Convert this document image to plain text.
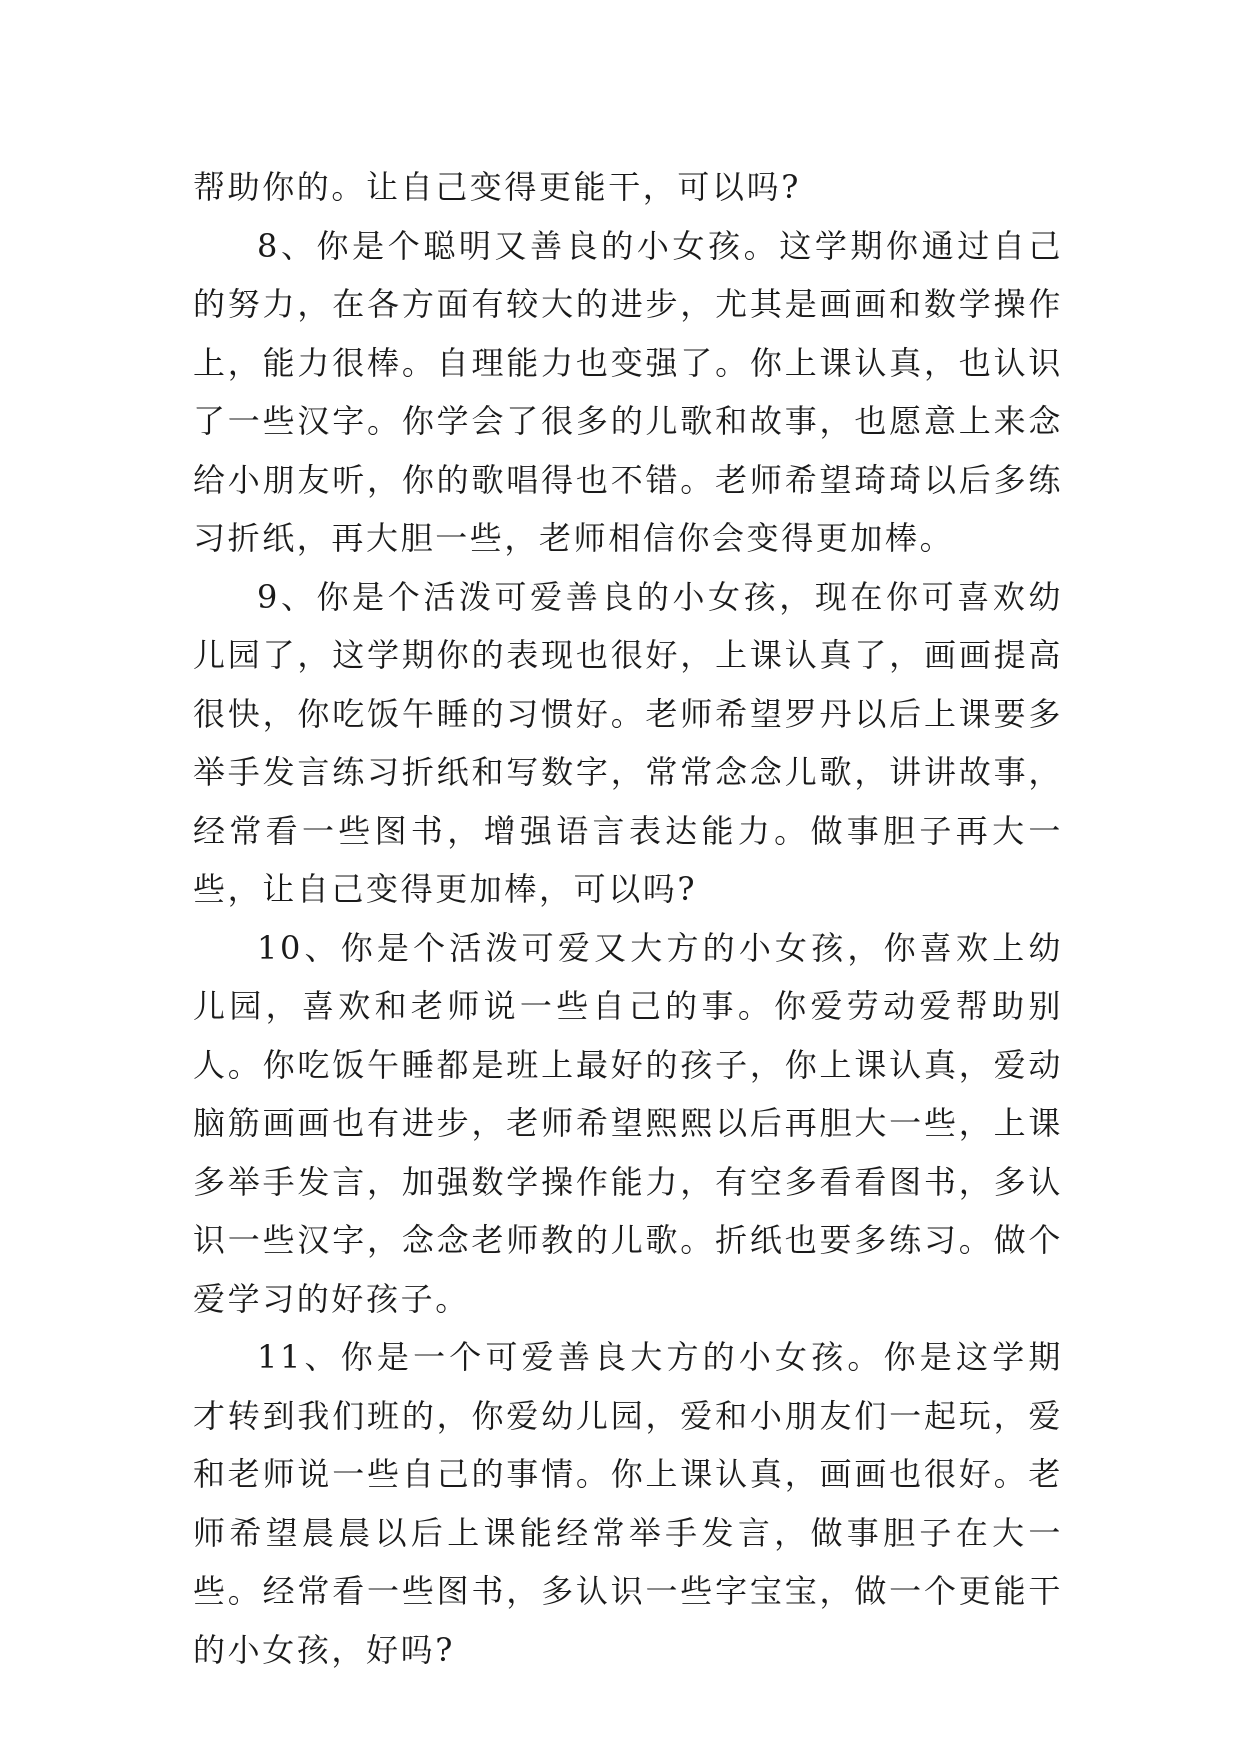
帮助你的。让自己变得更能干，可以吗?

8、你是个聪明又善良的小女孩。这学期你通过自己的努力，在各方面有较大的进步，尤其是画画和数学操作上，能力很棒。自理能力也变强了。你上课认真，也认识了一些汉字。你学会了很多的儿歌和故事，也愿意上来念给小朋友听，你的歌唱得也不错。老师希望琦琦以后多练习折纸，再大胆一些，老师相信你会变得更加棒。

9、你是个活泼可爱善良的小女孩，现在你可喜欢幼儿园了，这学期你的表现也很好，上课认真了，画画提高很快，你吃饭午睡的习惯好。老师希望罗丹以后上课要多举手发言练习折纸和写数字，常常念念儿歌，讲讲故事，经常看一些图书，增强语言表达能力。做事胆子再大一些，让自己变得更加棒，可以吗?

10、你是个活泼可爱又大方的小女孩，你喜欢上幼儿园，喜欢和老师说一些自己的事。你爱劳动爱帮助别人。你吃饭午睡都是班上最好的孩子，你上课认真，爱动脑筋画画也有进步，老师希望熙熙以后再胆大一些，上课多举手发言，加强数学操作能力，有空多看看图书，多认识一些汉字，念念老师教的儿歌。折纸也要多练习。做个爱学习的好孩子。

11、你是一个可爱善良大方的小女孩。你是这学期才转到我们班的，你爱幼儿园，爱和小朋友们一起玩，爱和老师说一些自己的事情。你上课认真，画画也很好。老师希望晨晨以后上课能经常举手发言，做事胆子在大一些。经常看一些图书，多认识一些字宝宝，做一个更能干的小女孩，好吗?
